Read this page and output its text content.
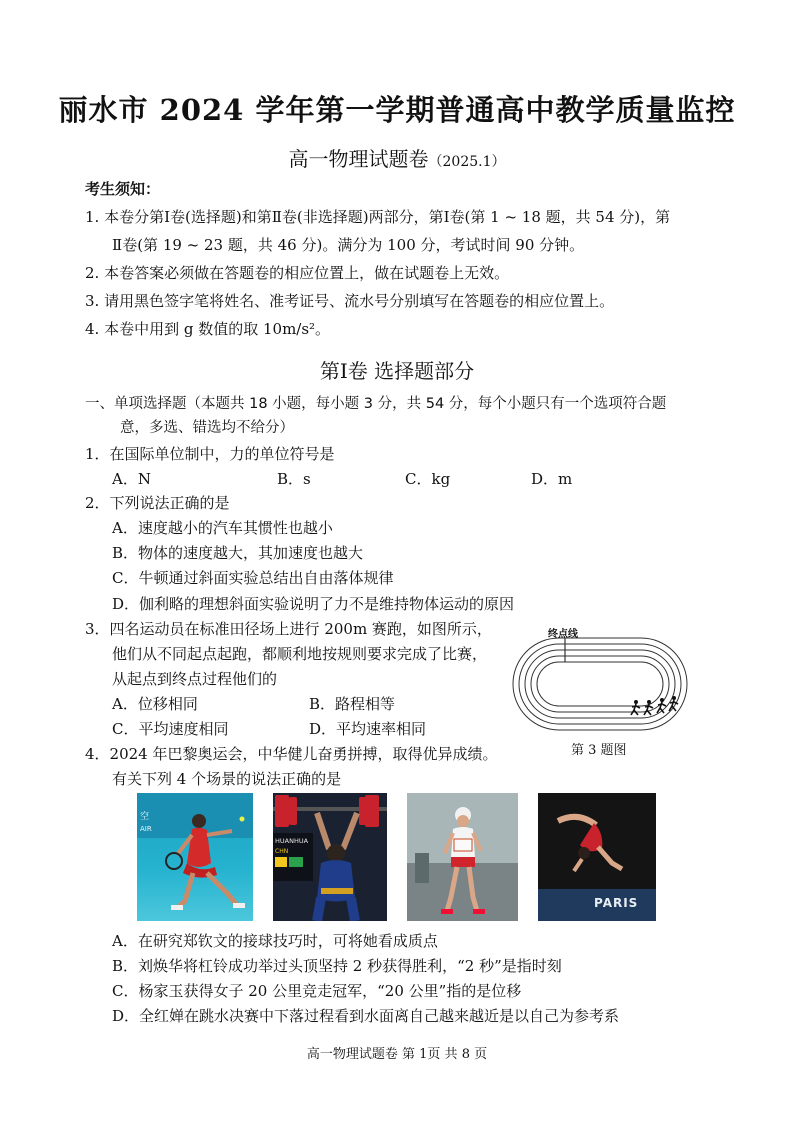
丽水市 2024 学年第一学期普通高中教学质量监控
高一物理试题卷（2025.1）
考生须知：
1. 本卷分第Ⅰ卷(选择题)和第Ⅱ卷(非选择题)两部分，第Ⅰ卷(第 1 ~ 18 题，共 54 分)，第
Ⅱ卷(第 19 ~ 23 题，共 46 分)。满分为 100 分，考试时间 90 分钟。
2. 本卷答案必须做在答题卷的相应位置上，做在试题卷上无效。
3. 请用黑色签字笔将姓名、准考证号、流水号分别填写在答题卷的相应位置上。
4. 本卷中用到 g 数值的取 10m/s²。
第Ⅰ卷 选择题部分
一、单项选择题（本题共 18 小题，每小题 3 分，共 54 分，每个小题只有一个选项符合题
意，多选、错选均不给分）
1．在国际单位制中，力的单位符号是
A．N	B．s	C．kg	D．m
2．下列说法正确的是
A．速度越小的汽车其惯性也越小
B．物体的速度越大，其加速度也越大
C．牛顿通过斜面实验总结出自由落体规律
D．伽利略的理想斜面实验说明了力不是维持物体运动的原因
3．四名运动员在标准田径场上进行 200m 赛跑，如图所示，
他们从不同起点起跑，都顺利地按规则要求完成了比赛，
从起点到终点过程他们的
A．位移相同	B．路程相等
C．平均速度相同	D．平均速率相同
终点线
第 3 题图
4．2024 年巴黎奥运会，中华健儿奋勇拼搏，取得优异成绩。
有关下列 4 个场景的说法正确的是
空
AIR
HUANHUA
CHN
PARIS
A．在研究郑钦文的接球技巧时，可将她看成质点
B．刘焕华将杠铃成功举过头顶坚持 2 秒获得胜利，“2 秒”是指时刻
C．杨家玉获得女子 20 公里竞走冠军，“20 公里”指的是位移
D．全红婵在跳水决赛中下落过程看到水面离自己越来越近是以自己为参考系
高一物理试题卷 第 1页 共 8 页
